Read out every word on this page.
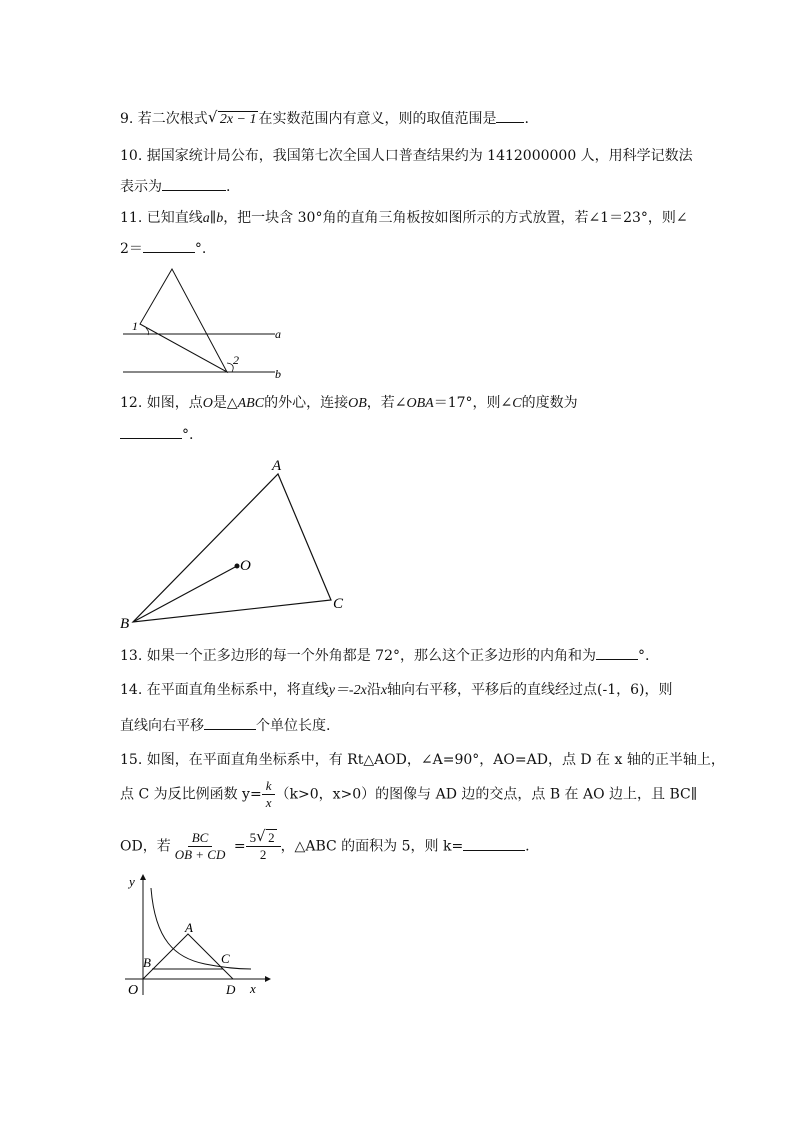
9. 若二次根式 √ 2x − 1 在实数范围内有意义，则的取值范围是 .
10. 据国家统计局公布，我国第七次全国人口普查结果约为 1412000000 人，用科学记数法
表示为	.
11. 已知直线a∥b，把一块含 30°角的直角三角板按如图所示的方式放置，若∠1＝23°，则∠
2＝	°.
1
2
a
b
12. 如图，点O是△ABC的外心，连接OB，若∠OBA＝17°，则∠C的度数为
°.
A
B
C
O
13. 如果一个正多边形的每一个外角都是 72°，那么这个正多边形的内角和为	°.
14. 在平面直角坐标系中，将直线y＝-2x沿x轴向右平移，平移后的直线经过点(-1，6)，则
直线向右平移	个单位长度.
15. 如图，在平面直角坐标系中，有 Rt△AOD，∠A=90°，AO=AD，点 D 在 x 轴的正半轴上，
点 C 为反比例函数 $y= \frac{k}{x} (k>0$，x>0）的图像与 AD 边的交点，点 B 在 AO 边上，且 BC∥
OD，若 $\frac{BC}{OB + CD} = \frac{5 √ 2}{2}$ ，△ABC 的面积为 5，则 k=	.
y
x
O
A
B	C
D
